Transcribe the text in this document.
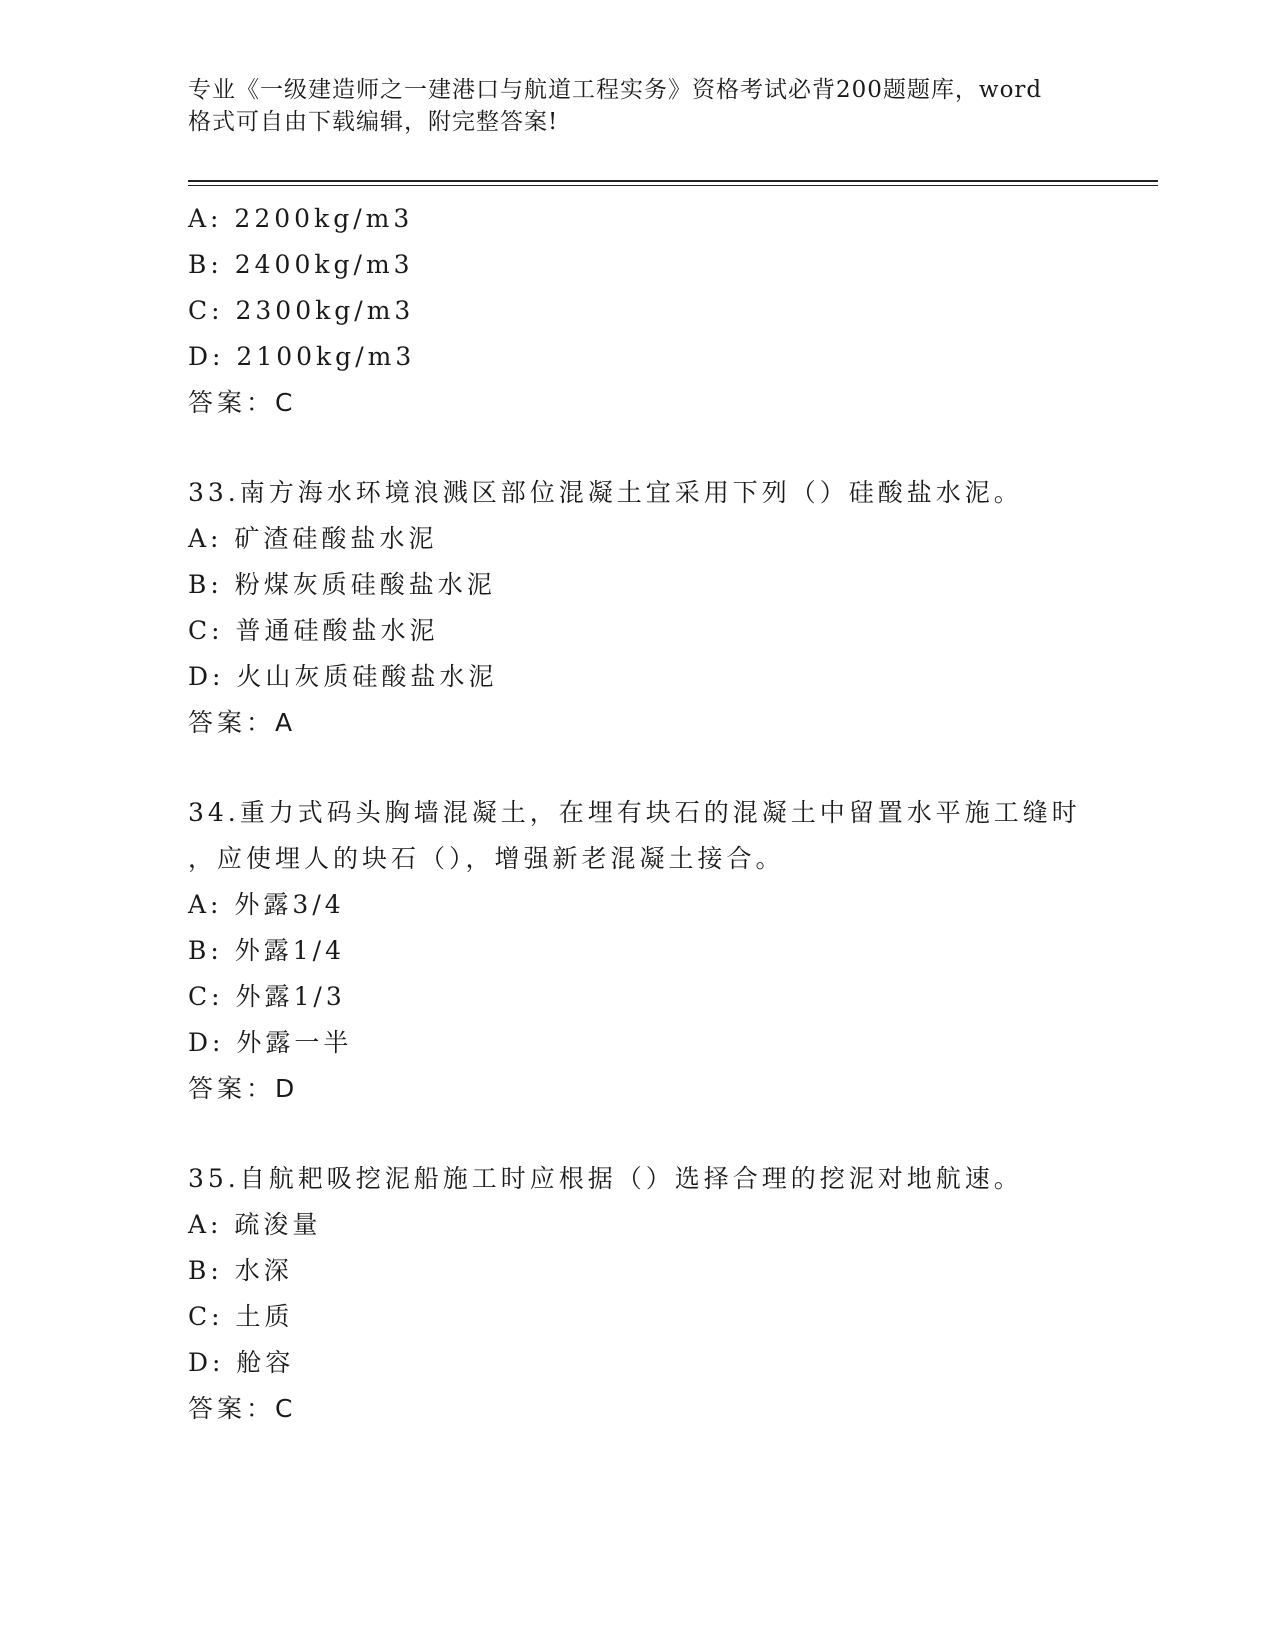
专业《一级建造师之一建港口与航道工程实务》资格考试必背200题题库，word
格式可自由下载编辑，附完整答案!
A: 2200kg/m3
B: 2400kg/m3
C: 2300kg/m3
D: 2100kg/m3
答案：C
33.南方海水环境浪溅区部位混凝土宜采用下列（）硅酸盐水泥。
A: 矿渣硅酸盐水泥
B: 粉煤灰质硅酸盐水泥
C: 普通硅酸盐水泥
D: 火山灰质硅酸盐水泥
答案：A
34.重力式码头胸墙混凝土，在埋有块石的混凝土中留置水平施工缝时
，应使埋人的块石（），增强新老混凝土接合。
A: 外露3/4
B: 外露1/4
C: 外露1/3
D: 外露一半
答案：D
35.自航耙吸挖泥船施工时应根据（）选择合理的挖泥对地航速。
A: 疏浚量
B: 水深
C: 土质
D: 舱容
答案：C
